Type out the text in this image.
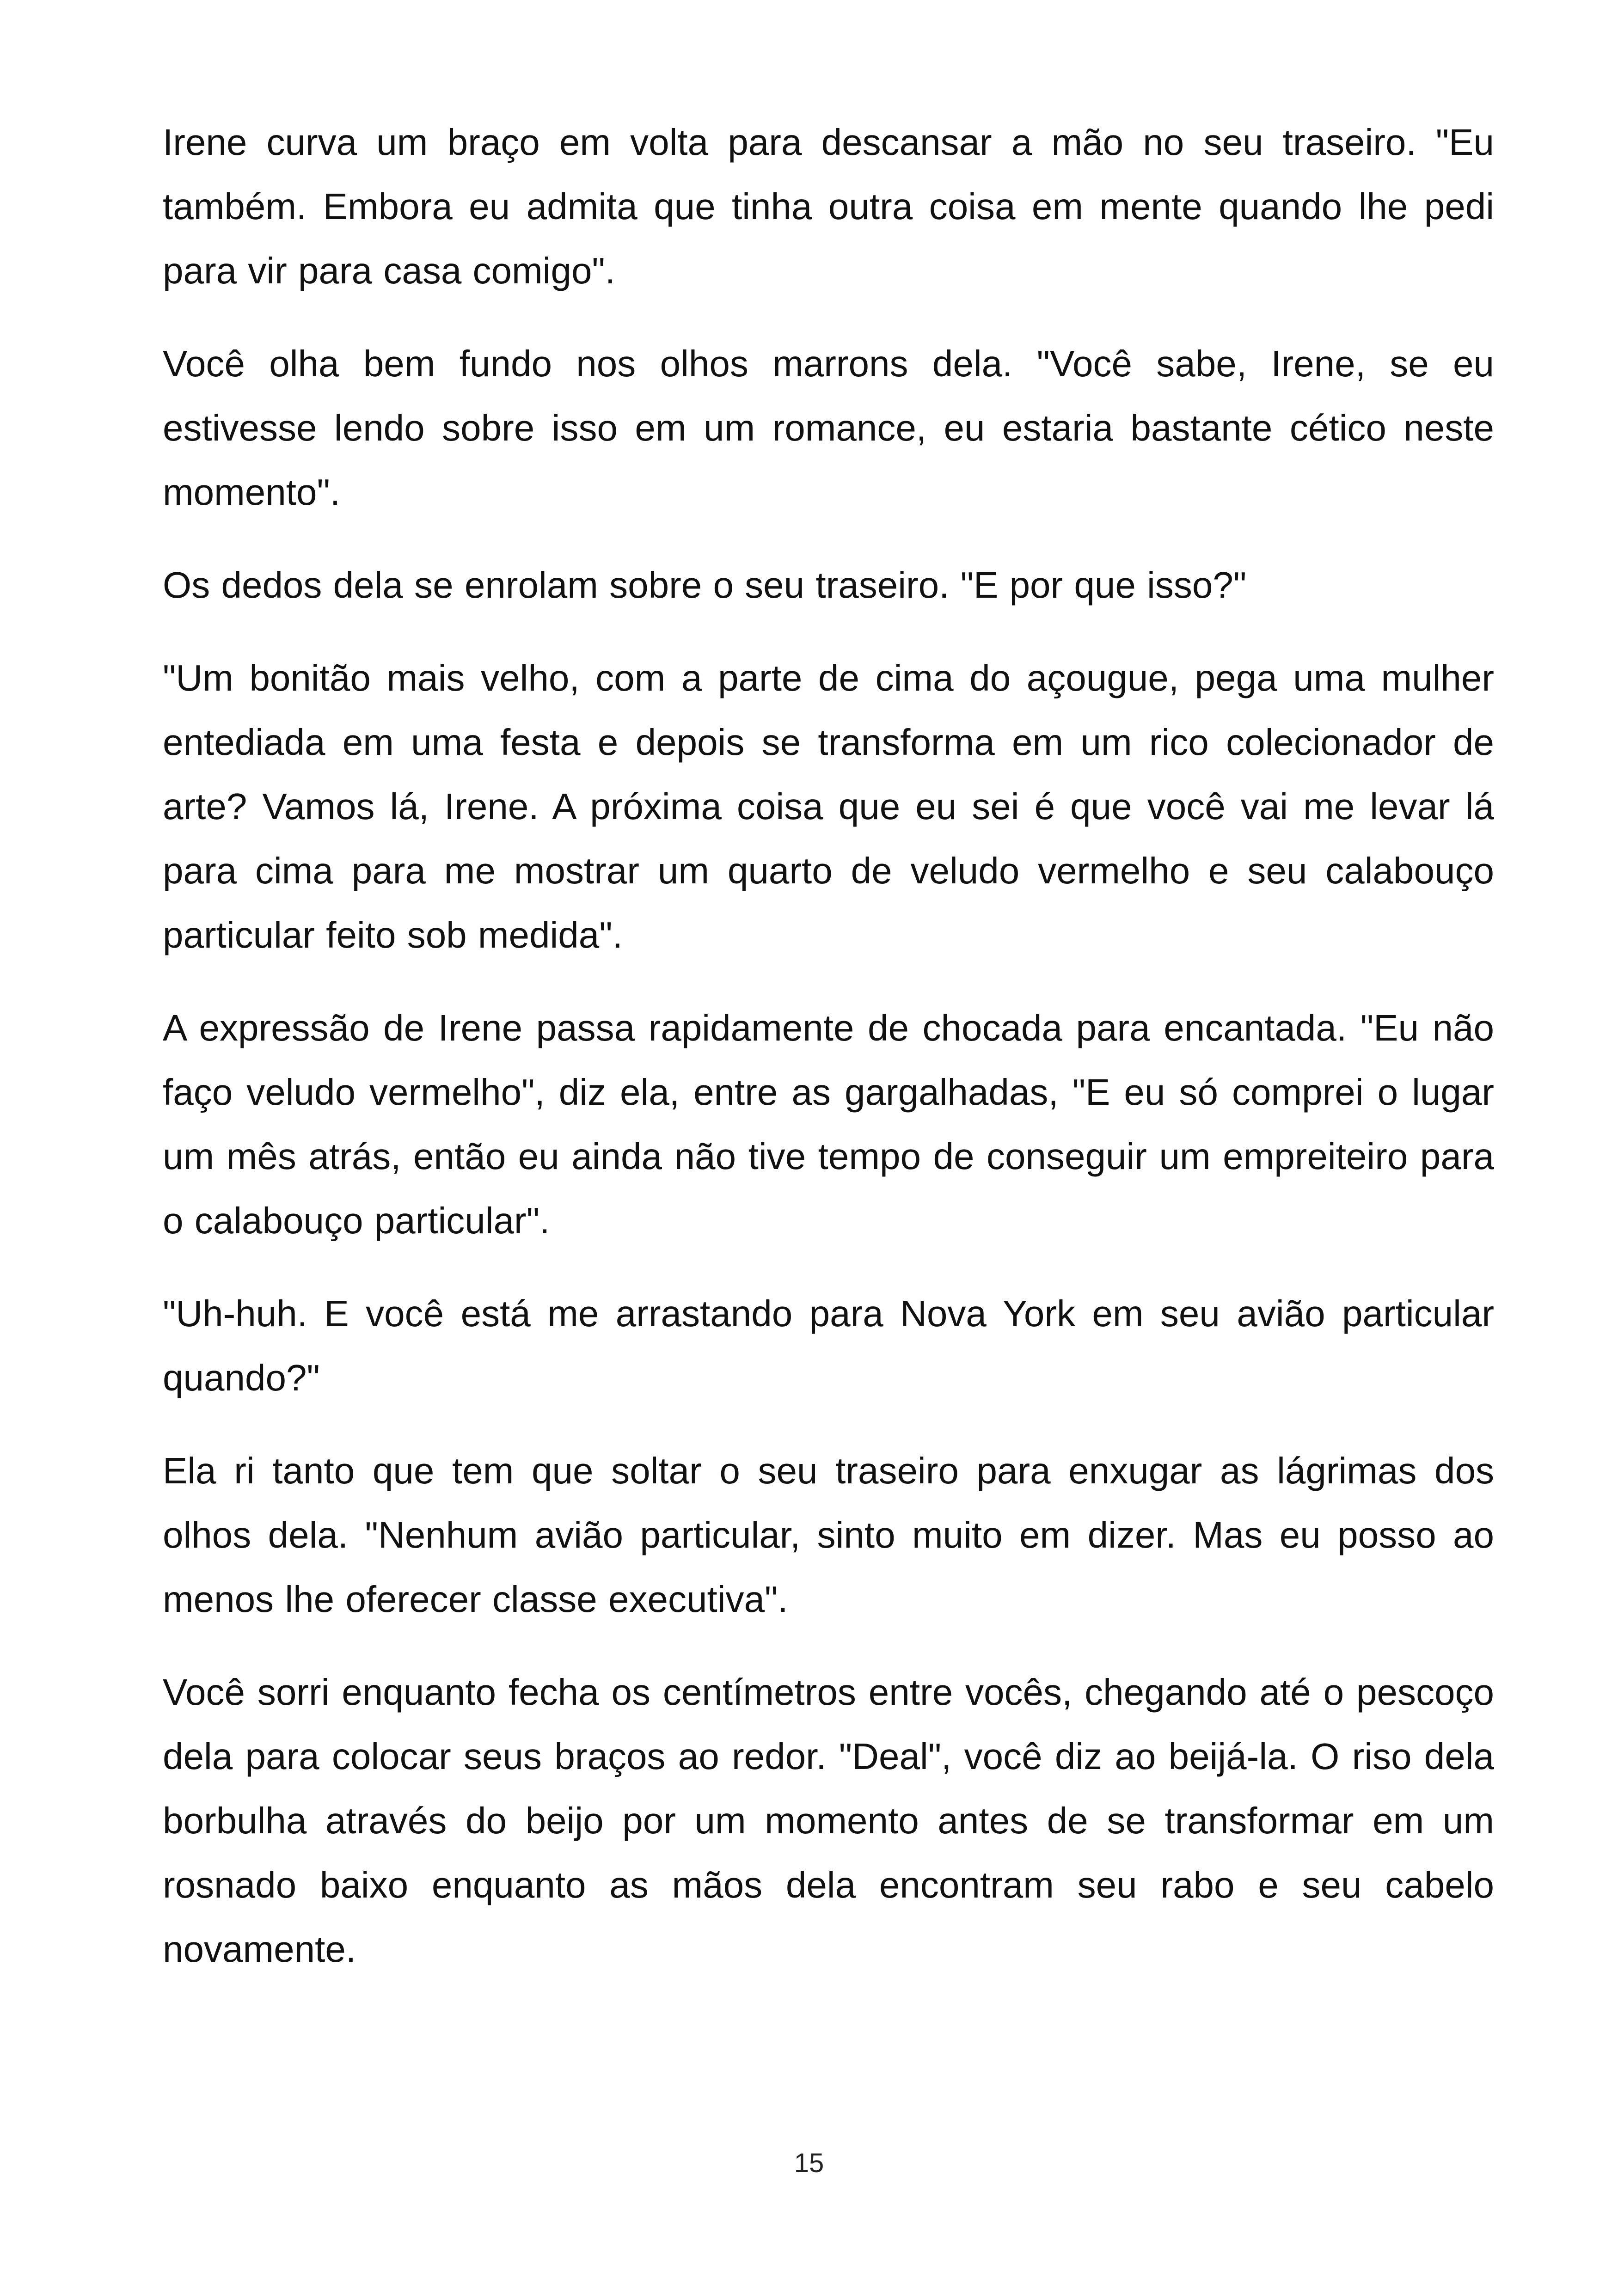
Irene curva um braço em volta para descansar a mão no seu traseiro. "Eu também. Embora eu admita que tinha outra coisa em mente quando lhe pedi para vir para casa comigo".

Você olha bem fundo nos olhos marrons dela. "Você sabe, Irene, se eu estivesse lendo sobre isso em um romance, eu estaria bastante cético neste momento".

Os dedos dela se enrolam sobre o seu traseiro. "E por que isso?"

"Um bonitão mais velho, com a parte de cima do açougue, pega uma mulher entediada em uma festa e depois se transforma em um rico colecionador de arte? Vamos lá, Irene. A próxima coisa que eu sei é que você vai me levar lá para cima para me mostrar um quarto de veludo vermelho e seu calabouço particular feito sob medida".

A expressão de Irene passa rapidamente de chocada para encantada. "Eu não faço veludo vermelho", diz ela, entre as gargalhadas, "E eu só comprei o lugar um mês atrás, então eu ainda não tive tempo de conseguir um empreiteiro para o calabouço particular".

"Uh-huh. E você está me arrastando para Nova York em seu avião particular quando?"

Ela ri tanto que tem que soltar o seu traseiro para enxugar as lágrimas dos olhos dela. "Nenhum avião particular, sinto muito em dizer. Mas eu posso ao menos lhe oferecer classe executiva".

Você sorri enquanto fecha os centímetros entre vocês, chegando até o pescoço dela para colocar seus braços ao redor. "Deal", você diz ao beijá-la. O riso dela borbulha através do beijo por um momento antes de se transformar em um rosnado baixo enquanto as mãos dela encontram seu rabo e seu cabelo novamente.

15
